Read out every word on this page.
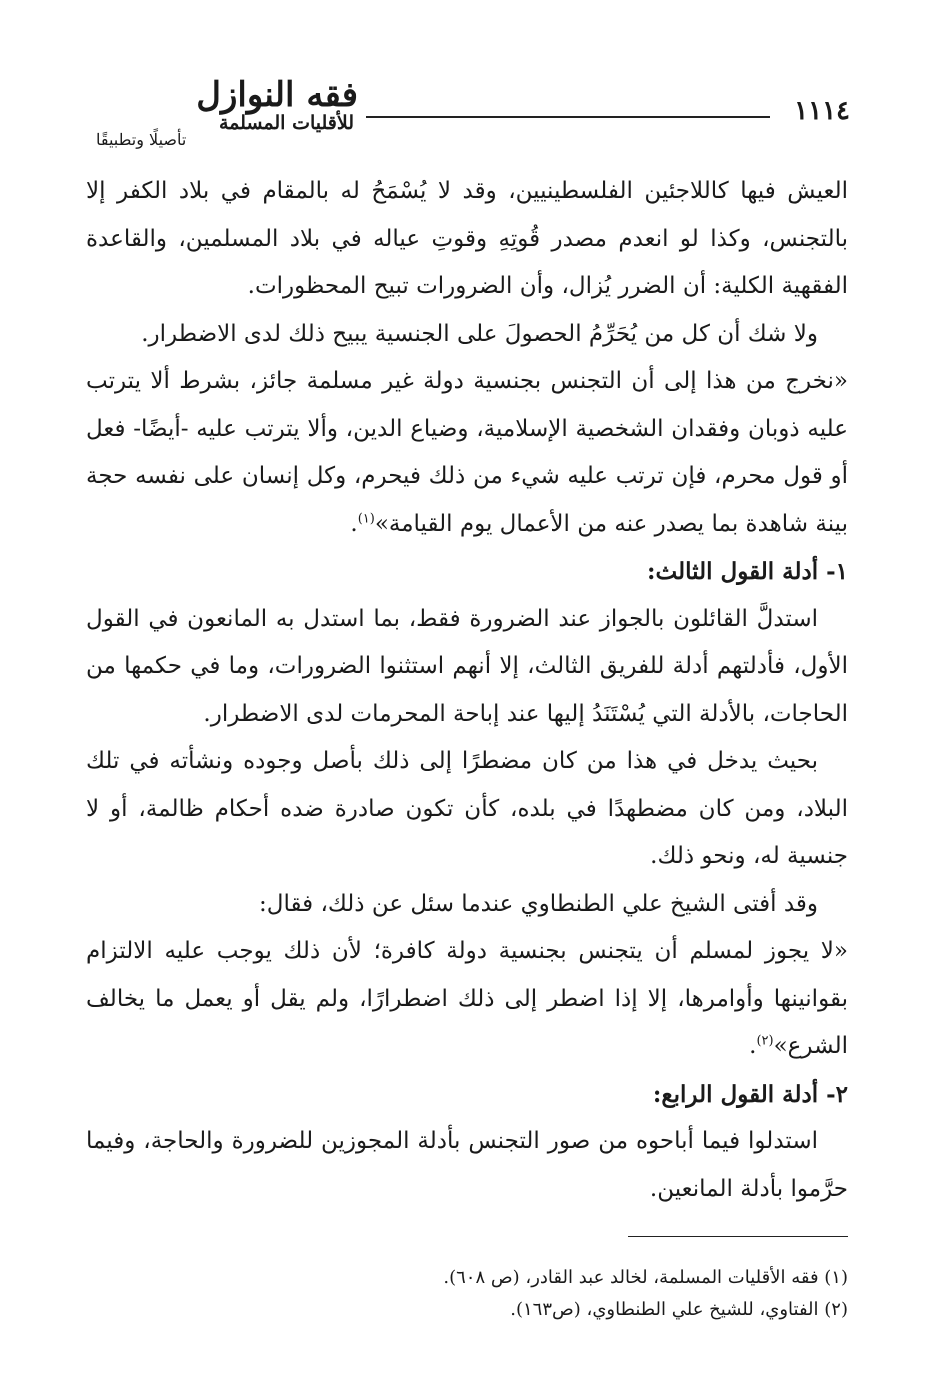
فقه النوازلللأقليات المسلمة
تأصيلًا وتطبيقًا
١١١٤

العيش فيها كاللاجئين الفلسطينيين، وقد لا يُسْمَحُ له بالمقام في بلاد الكفر إلا بالتجنس، وكذا لو انعدم مصدر قُوتِهِ وقوتِ عياله في بلاد المسلمين، والقاعدة الفقهية الكلية: أن الضرر يُزال، وأن الضرورات تبيح المحظورات.

ولا شك أن كل من يُحَرِّمُ الحصولَ على الجنسية يبيح ذلك لدى الاضطرار.

«نخرج من هذا إلى أن التجنس بجنسية دولة غير مسلمة جائز، بشرط ألا يترتب عليه ذوبان وفقدان الشخصية الإسلامية، وضياع الدين، وألا يترتب عليه -أيضًا- فعل أو قول محرم، فإن ترتب عليه شيء من ذلك فيحرم، وكل إنسان على نفسه حجة بينة شاهدة بما يصدر عنه من الأعمال يوم القيامة»$^{(١)}$.

١- أدلة القول الثالث:

استدلَّ القائلون بالجواز عند الضرورة فقط، بما استدل به المانعون في القول الأول، فأدلتهم أدلة للفريق الثالث، إلا أنهم استثنوا الضرورات، وما في حكمها من الحاجات، بالأدلة التي يُسْتَنَدُ إليها عند إباحة المحرمات لدى الاضطرار.

بحيث يدخل في هذا من كان مضطرًا إلى ذلك بأصل وجوده ونشأته في تلك البلاد، ومن كان مضطهدًا في بلده، كأن تكون صادرة ضده أحكام ظالمة، أو لا جنسية له، ونحو ذلك.

وقد أفتى الشيخ علي الطنطاوي عندما سئل عن ذلك، فقال:

«لا يجوز لمسلم أن يتجنس بجنسية دولة كافرة؛ لأن ذلك يوجب عليه الالتزام بقوانينها وأوامرها، إلا إذا اضطر إلى ذلك اضطرارًا، ولم يقل أو يعمل ما يخالف الشرع»$^{(٢)}$.

٢- أدلة القول الرابع:

استدلوا فيما أباحوه من صور التجنس بأدلة المجوزين للضرورة والحاجة، وفيما حرَّموا بأدلة المانعين.

(١) فقه الأقليات المسلمة، لخالد عبد القادر، (ص ٦٠٨).

(٢) الفتاوي، للشيخ علي الطنطاوي، (ص١٦٣).
